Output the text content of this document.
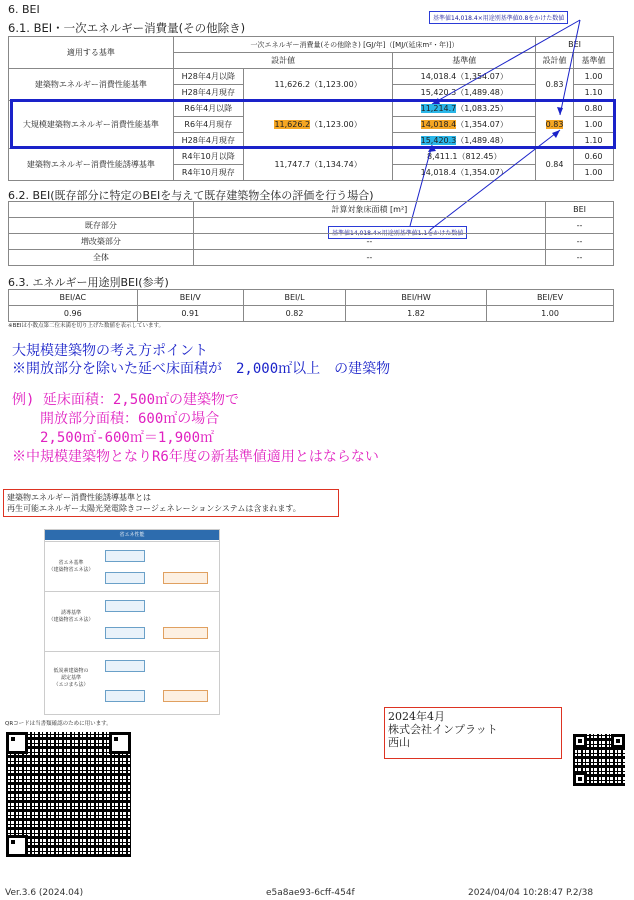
6. BEI
6.1. BEI・一次エネルギー消費量(その他除き)
適用する基準	一次エネルギー消費量(その他除き) [GJ/年]（[MJ/(延床m²・年)]）			BEI	
	設計値		基準値	設計値	基準値
建築物エネルギー消費性能基準	H28年4月以降	11,626.2（1,123.00）	14,018.4（1,354.07）	0.83	1.00
	H28年4月現存		15,420.3（1,489.48）		1.10
大規模建築物エネルギー消費性能基準	R6年4月以降	11,626.2（1,123.00）	11,214.7（1,083.25）	0.83	0.80
	R6年4月現存		14,018.4（1,354.07）		1.00
	H28年4月現存		15,420.3（1,489.48）		1.10
建築物エネルギー消費性能誘導基準	R4年10月以降	11,747.7（1,134.74）	8,411.1（812.45）	0.84	0.60
	R4年10月現存		14,018.4（1,354.07）		1.00
基準値14,018.4×用途別基準値0.8をかけた数値
基準値14,018.4×用途別基準値1.1をかけた数値
6.2. BEI(既存部分に特定のBEIを与えて既存建築物全体の評価を行う場合)
	計算対象床面積 [m²]	BEI
既存部分		--
増改築部分	--	--
全体	--	--
6.3. エネルギー用途別BEI(参考)
BEI/AC	BEI/V	BEI/L	BEI/HW	BEI/EV
0.96	0.91	0.82	1.82	1.00
※BEIは小数点第二位未満を切り上げた数値を表示しています。
大規模建築物の考え方ポイント
※開放部分を除いた延べ床面積が　2,000㎡以上　の建築物
例) 延床面積：2,500㎡の建築物で
開放部分面積：600㎡の場合
2,500㎡-600㎡＝1,900㎡
※中規模建築物となりR6年度の新基準値適用とはならない
建築物エネルギー消費性能誘導基準とは
再生可能エネルギー太陽光発電除きコージェネレーションシステムは含まれます。
省エネ性能
省エネ基準
（建築物省エネ法）
誘導基準
（建築物省エネ法）
低炭素建築物の
認定基準
（エコまち法）
QRコードは当書類確認のために用います。
2024年4月
株式会社インプラット
西山
Ver.3.6 (2024.04)	e5a8ae93-6cff-454f	2024/04/04 10:28:47 P.2/38
